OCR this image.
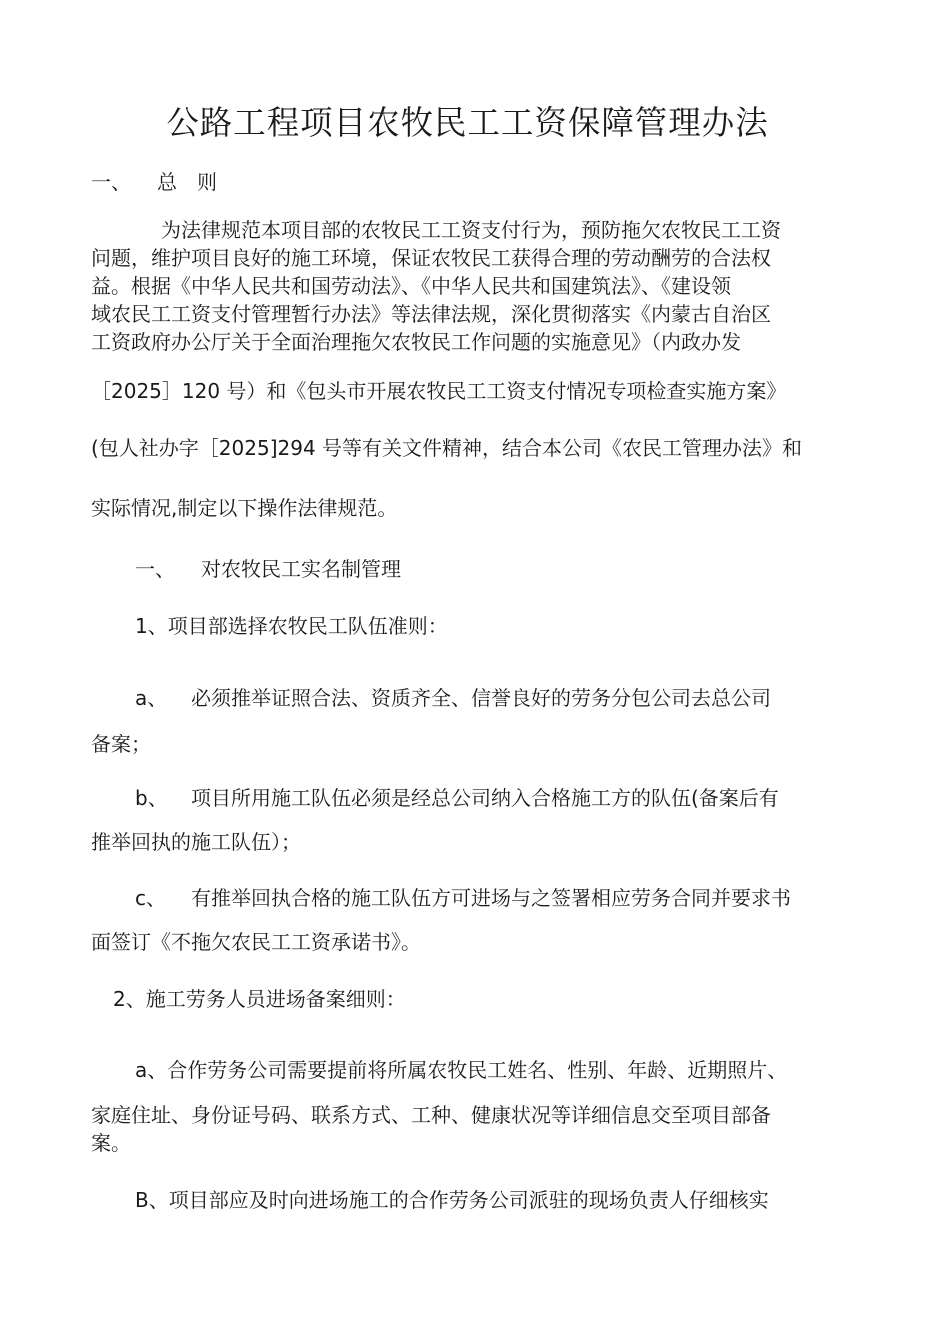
公路工程项目农牧民工工资保障管理办法
一、 总　则
为法律规范本项目部的农牧民工工资支付行为，预防拖欠农牧民工工资
问题，维护项目良好的施工环境，保证农牧民工获得合理的劳动酬劳的合法权
益。根据《中华人民共和国劳动法》、《中华人民共和国建筑法》、《建设领
域农民工工资支付管理暂行办法》等法律法规，深化贯彻落实《内蒙古自治区
工资政府办公厅关于全面治理拖欠农牧民工作问题的实施意见》（内政办发
［2025］120 号）和《包头市开展农牧民工工资支付情况专项检查实施方案》
(包人社办字［2025]294 号等有关文件精神，结合本公司《农民工管理办法》和
实际情况,制定以下操作法律规范。
一、 对农牧民工实名制管理
1、项目部选择农牧民工队伍准则：
a、 必须推举证照合法、资质齐全、信誉良好的劳务分包公司去总公司
备案；
b、 项目所用施工队伍必须是经总公司纳入合格施工方的队伍(备案后有
推举回执的施工队伍）；
c、 有推举回执合格的施工队伍方可进场与之签署相应劳务合同并要求书
面签订《不拖欠农民工工资承诺书》。
2、施工劳务人员进场备案细则：
a、合作劳务公司需要提前将所属农牧民工姓名、性别、年龄、近期照片、
家庭住址、身份证号码、联系方式、工种、健康状况等详细信息交至项目部备
案。
B、项目部应及时向进场施工的合作劳务公司派驻的现场负责人仔细核实
